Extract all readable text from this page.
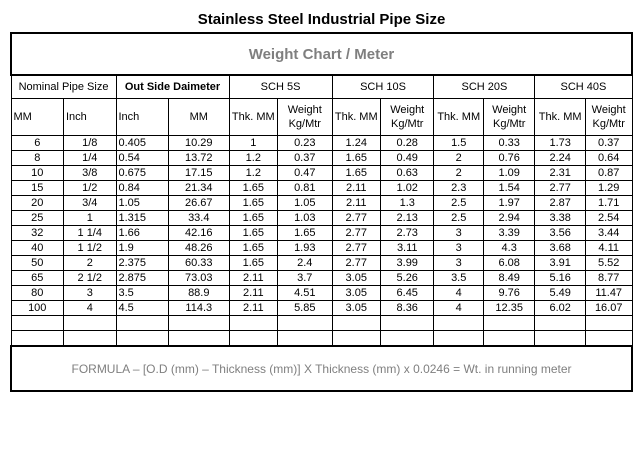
Stainless Steel Industrial Pipe Size
Weight Chart / Meter											
Nominal Pipe Size		Out Side Daimeter		SCH 5S		SCH 10S		SCH 20S		SCH 40S	
MM	Inch	Inch	MM	Thk. MM	Weight Kg/Mtr	Thk. MM	Weight Kg/Mtr	Thk. MM	Weight Kg/Mtr	Thk. MM	Weight Kg/Mtr
6	1/8	0.405	10.29	1	0.23	1.24	0.28	1.5	0.33	1.73	0.37
8	1/4	0.54	13.72	1.2	0.37	1.65	0.49	2	0.76	2.24	0.64
10	3/8	0.675	17.15	1.2	0.47	1.65	0.63	2	1.09	2.31	0.87
15	1/2	0.84	21.34	1.65	0.81	2.11	1.02	2.3	1.54	2.77	1.29
20	3/4	1.05	26.67	1.65	1.05	2.11	1.3	2.5	1.97	2.87	1.71
25	1	1.315	33.4	1.65	1.03	2.77	2.13	2.5	2.94	3.38	2.54
32	1 1/4	1.66	42.16	1.65	1.65	2.77	2.73	3	3.39	3.56	3.44
40	1 1/2	1.9	48.26	1.65	1.93	2.77	3.11	3	4.3	3.68	4.11
50	2	2.375	60.33	1.65	2.4	2.77	3.99	3	6.08	3.91	5.52
65	2 1/2	2.875	73.03	2.11	3.7	3.05	5.26	3.5	8.49	5.16	8.77
80	3	3.5	88.9	2.11	4.51	3.05	6.45	4	9.76	5.49	11.47
100	4	4.5	114.3	2.11	5.85	3.05	8.36	4	12.35	6.02	16.07

FORMULA – [O.D (mm) – Thickness (mm)] X Thickness (mm) x 0.0246 = Wt. in running meter											
